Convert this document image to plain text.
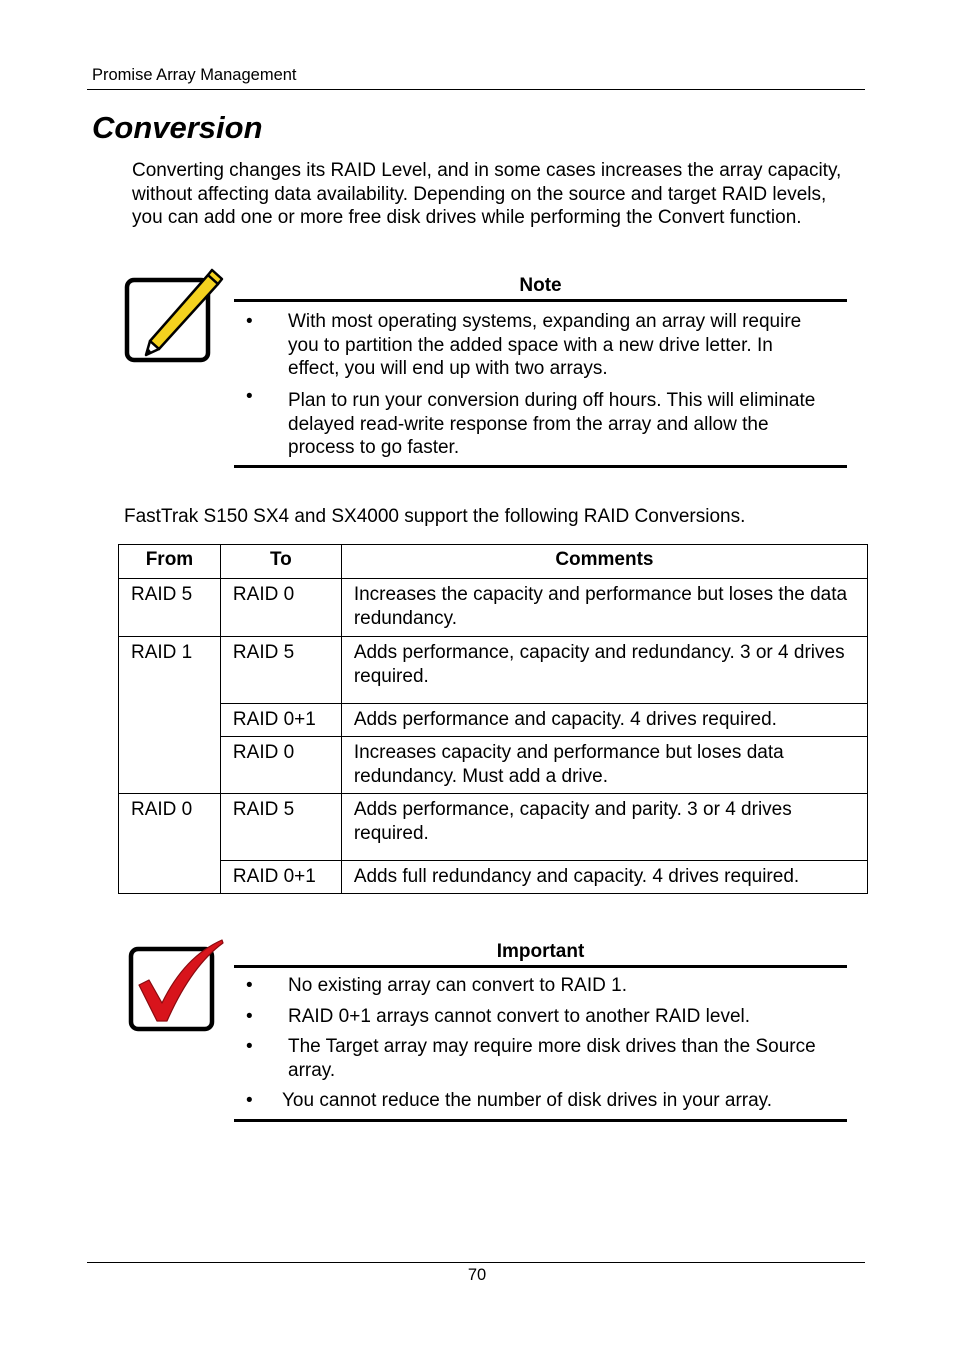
Promise Array Management
Conversion

Converting changes its RAID Level, and in some cases increases the array capacity, without affecting data availability. Depending on the source and target RAID levels, you can add one or more free disk drives while performing the Convert function.

Note
• With most operating systems, expanding an array will require you to partition the added space with a new drive letter. In effect, you will end up with two arrays.
• Plan to run your conversion during off hours. This will eliminate delayed read-write response from the array and allow the process to go faster.

FastTrak S150 SX4 and SX4000 support the following RAID Conversions.

From	To	Comments
RAID 5	RAID 0	Increases the capacity and performance but loses the data redundancy.
RAID 1	RAID 5	Adds performance, capacity and redundancy. 3 or 4 drives required.
	RAID 0+1	Adds performance and capacity. 4 drives required.
	RAID 0	Increases capacity and performance but loses data redundancy. Must add a drive.
RAID 0	RAID 5	Adds performance, capacity and parity. 3 or 4 drives required.
	RAID 0+1	Adds full redundancy and capacity. 4 drives required.
Important
• No existing array can convert to RAID 1.
• RAID 0+1 arrays cannot convert to another RAID level.
• The Target array may require more disk drives than the Source array.
• You cannot reduce the number of disk drives in your array.
70
